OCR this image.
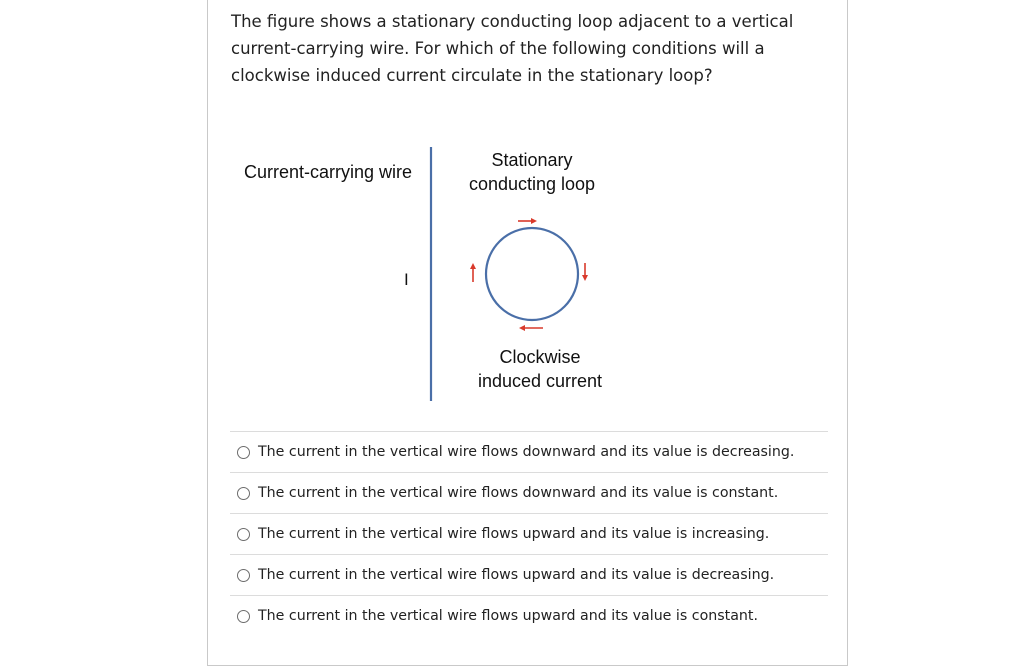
The figure shows a stationary conducting loop adjacent to a vertical current-carrying wire. For which of the following conditions will a clockwise induced current circulate in the stationary loop?
Current-carrying wire
I
Stationary
conducting loop
Clockwise
induced current
The current in the vertical wire flows downward and its value is decreasing.
The current in the vertical wire flows downward and its value is constant.
The current in the vertical wire flows upward and its value is increasing.
The current in the vertical wire flows upward and its value is decreasing.
The current in the vertical wire flows upward and its value is constant.
